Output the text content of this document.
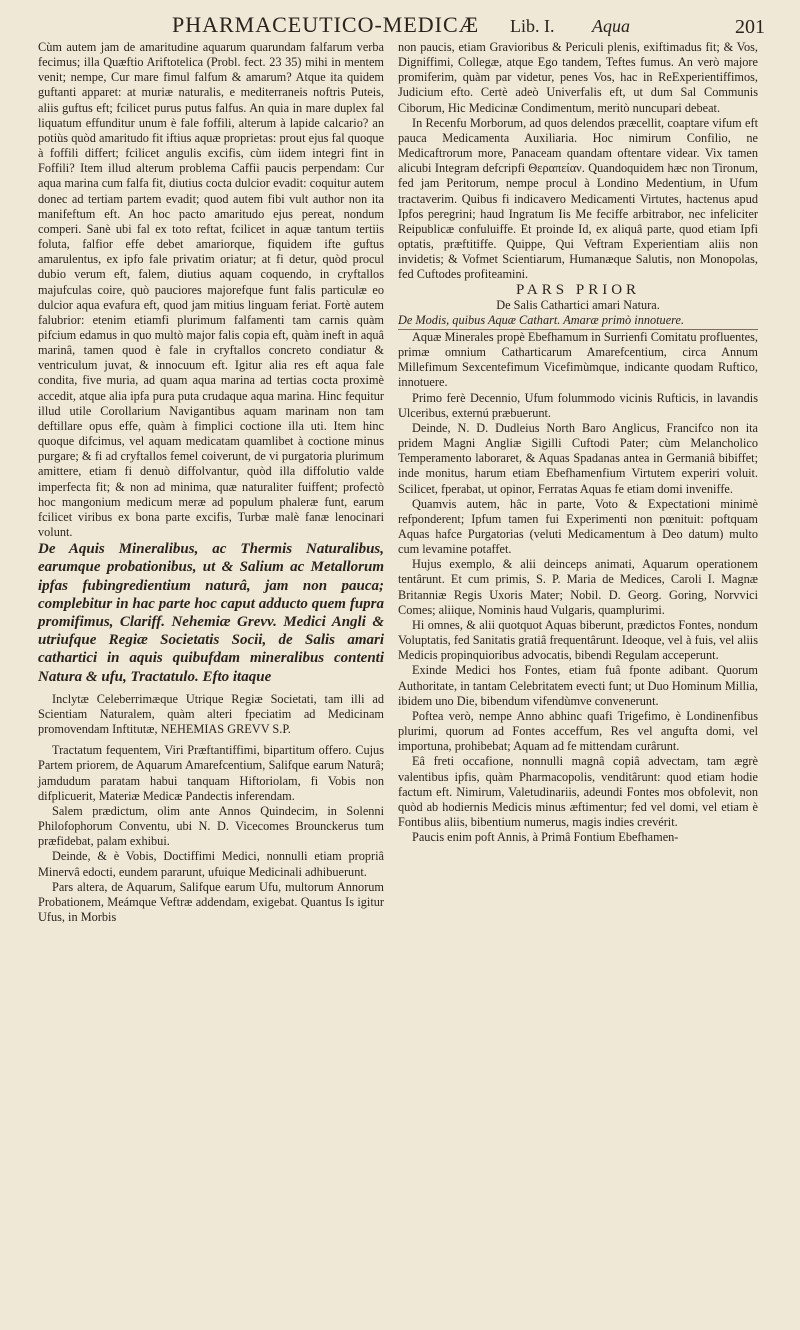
PHARMACEUTICO-MEDICÆ Lib. I. Aqua	201

Cùm autem jam de amaritudine aquarum quarundam falfarum verba fecimus; illa Quæftio Ariftotelica (Probl. fect. 23 35) mihi in mentem venit; nempe, Cur mare fimul falfum & amarum? Atque ita quidem guftanti apparet: at muriæ naturalis, e mediterraneis noftris Puteis, aliis guftus eft; fcilicet purus putus falfus. An quia in mare duplex fal liquatum effunditur unum è fale foffili, alterum à lapide calcario? an potiùs quòd amaritudo fit iftius aquæ proprietas: prout ejus fal quoque à foffili differt; fcilicet angulis excifis, cùm iidem integri fint in Foffili? Item illud alterum problema Caffii paucis perpendam: Cur aqua marina cum falfa fit, diutius cocta dulcior evadit: coquitur autem donec ad tertiam partem evadit; quod autem fibi vult author non ita manifeftum eft. An hoc pacto amaritudo ejus pereat, nondum comperi. Sanè ubi fal ex toto reftat, fcilicet in aquæ tantum tertiis foluta, falfior effe debet amariorque, fiquidem ifte guftus amarulentus, ex ipfo fale privatim oriatur; at fi detur, quòd procul dubio verum eft, falem, diutius aquam coquendo, in cryftallos majufculas coire, quò pauciores majorefque funt falis particulæ eo dulcior aqua evafura eft, quod jam mitius linguam feriat. Fortè autem falubrior: etenim etiamfi plurimum falfamenti tam carnis quàm pifcium edamus in quo multò major falis copia eft, quàm ineft in aquâ marinâ, tamen quod è fale in cryftallos concreto condiatur & ventriculum juvat, & innocuum eft. Igitur alia res eft aqua fale condita, five muria, ad quam aqua marina ad tertias cocta proximè accedit, atque alia ipfa pura puta crudaque aqua marina. Hinc fequitur illud utile Corollarium Navigantibus aquam marinam non tam deftillare opus effe, quàm à fimplici coctione illa uti. Item hinc quoque difcimus, vel aquam medicatam quamlibet à coctione minus purgare; & fi ad cryftallos femel coiverunt, de vi purgatoria plurimum amittere, etiam fi denuò diffolvantur, quòd illa diffolutio valde imperfecta fit; & non ad minima, quæ naturaliter fuiffent; profectò hoc mangonium medicum meræ ad populum phaleræ funt, earum fcilicet viribus ex bona parte excifis, Turbæ malè fanæ lenocinari volunt.

De Aquis Mineralibus, ac Thermis Naturalibus, earumque probationibus, ut & Salium ac Metallorum ipfas fubingredientium naturâ, jam non pauca; complebitur in hac parte hoc caput adducto quem fupra promifimus, Clariff. Nehemiæ Grevv. Medici Angli & utriufque Regiæ Societatis Socii, de Salis amari cathartici in aquis quibufdam mineralibus contenti Natura & ufu, Tractatulo. Efto itaque

Inclytæ Celeberrimæque Utrique Regiæ Societati, tam illi ad Scientiam Naturalem, quàm alteri fpeciatim ad Medicinam promovendam Inftitutæ, NEHEMIAS GREVV S.P.

Tractatum fequentem, Viri Præftantiffimi, bipartitum offero. Cujus Partem priorem, de Aquarum Amarefcentium, Salifque earum Naturâ; jamdudum paratam habui tanquam Hiftoriolam, fi Vobis non difplicuerit, Materiæ Medicæ Pandectis inferendam.

Salem prædictum, olim ante Annos Quindecim, in Solenni Philofophorum Conventu, ubi N. D. Vicecomes Brounckerus tum præfidebat, palam exhibui.

Deinde, & è Vobis, Doctiffimi Medici, nonnulli etiam propriâ Minervâ edocti, eundem pararunt, ufuique Medicinali adhibuerunt.

Pars altera, de Aquarum, Salifque earum Ufu, multorum Annorum Probationem, Meámque Veftræ addendam, exigebat. Quantus Is igitur Ufus, in Morbis

non paucis, etiam Gravioribus & Periculi plenis, exiftimadus fit; & Vos, Digniffimi, Collegæ, atque Ego tandem, Teftes fumus. An verò majore promiferim, quàm par videtur, penes Vos, hac in ReExperientiffimos, Judicium efto. Certè adeò Univerfalis eft, ut dum Sal Communis Ciborum, Hic Medicinæ Condimentum, meritò nuncupari debeat.

In Recenfu Morborum, ad quos delendos præcellit, coaptare vifum eft pauca Medicamenta Auxiliaria. Hoc nimirum Confilio, ne Medicaftrorum more, Panaceam quandam oftentare videar. Vix tamen alicubi Integram defcripfi Θεραπείαν. Quandoquidem hæc non Tironum, fed jam Peritorum, nempe procul à Londino Medentium, in Ufum tractaverim. Quibus fi indicavero Medicamenti Virtutes, hactenus apud Ipfos peregrini; haud Ingratum Iis Me feciffe arbitrabor, nec infeliciter Reipublicæ confuluiffe. Et proinde Id, ex aliquâ parte, quod etiam Ipfi optatis, præftitiffe. Quippe, Qui Veftram Experientiam aliis non invidetis; & Vofmet Scientiarum, Humanæque Salutis, non Monopolas, fed Cuftodes profiteamini.

PARS PRIOR

De Salis Cathartici amari Natura.

De Modis, quibus Aquæ Cathart. Amaræ primò innotuere.

Aquæ Minerales propè Ebefhamum in Surrienfi Comitatu profluentes, primæ omnium Catharticarum Amarefcentium, circa Annum Millefimum Sexcentefimum Vicefimùmque, indicante quodam Ruftico, innotuere.

Primo ferè Decennio, Ufum folummodo vicinis Rufticis, in lavandis Ulceribus, externú præbuerunt.

Deinde, N. D. Dudleius North Baro Anglicus, Francifco non ita pridem Magni Angliæ Sigilli Cuftodi Pater; cùm Melancholico Temperamento laboraret, & Aquas Spadanas antea in Germaniâ bibiffet; inde monitus, harum etiam Ebefhamenfium Virtutem experiri voluit. Scilicet, fperabat, ut opinor, Ferratas Aquas fe etiam domi inveniffe.

Quamvis autem, hâc in parte, Voto & Expectationi minimè refponderent; Ipfum tamen fui Experimenti non pœnituit: poftquam Aquas hafce Purgatorias (veluti Medicamentum à Deo datum) multo cum levamine potaffet.

Hujus exemplo, & alii deinceps animati, Aquarum operationem tentârunt. Et cum primis, S. P. Maria de Medices, Caroli I. Magnæ Britanniæ Regis Uxoris Mater; Nobil. D. Georg. Goring, Norvvici Comes; aliique, Nominis haud Vulgaris, quamplurimi.

Hi omnes, & alii quotquot Aquas biberunt, prædictos Fontes, nondum Voluptatis, fed Sanitatis gratiâ frequentârunt. Ideoque, vel à fuis, vel aliis Medicis propinquioribus advocatis, bibendi Regulam acceperunt.

Exinde Medici hos Fontes, etiam fuâ fponte adibant. Quorum Authoritate, in tantam Celebritatem evecti funt; ut Duo Hominum Millia, ibidem uno Die, bibendum vifendùmve convenerunt.

Poftea verò, nempe Anno abhinc quafi Trigefimo, è Londinenfibus plurimi, quorum ad Fontes acceffum, Res vel angufta domi, vel importuna, prohibebat; Aquam ad fe mittendam curârunt.

Eâ freti occafione, nonnulli magnâ copiâ advectam, tam ægrè valentibus ipfis, quàm Pharmacopolis, venditârunt: quod etiam hodie factum eft. Nimirum, Valetudinariis, adeundi Fontes mos obfolevit, non quòd ab hodiernis Medicis minus æftimentur; fed vel domi, vel etiam è Fontibus aliis, bibentium numerus, magis indies crevérit.

Paucis enim poft Annis, à Primâ Fontium Ebefhamen-
